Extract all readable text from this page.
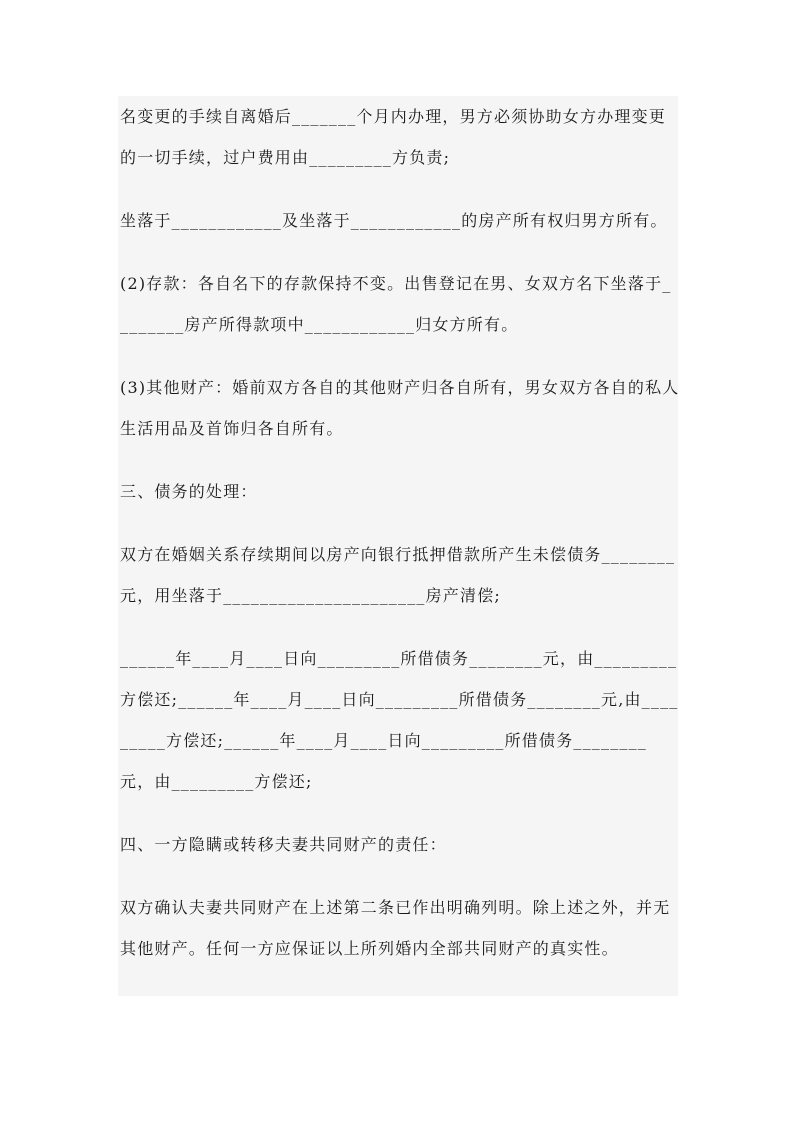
名变更的手续自离婚后_______个月内办理，男方必须协助女方办理变更的一切手续，过户费用由_________方负责;

坐落于____________及坐落于____________的房产所有权归男方所有。

(2)存款：各自名下的存款保持不变。出售登记在男、女双方名下坐落于________房产所得款项中____________归女方所有。

(3)其他财产：婚前双方各自的其他财产归各自所有，男女双方各自的私人生活用品及首饰归各自所有。

三、债务的处理：

双方在婚姻关系存续期间以房产向银行抵押借款所产生未偿债务________元，用坐落于______________________房产清偿;

______年____月____日向_________所借债务________元，由_________方偿还;______年____月____日向_________所借债务________元,由_________方偿还;______年____月____日向_________所借债务________元，由_________方偿还;

四、一方隐瞒或转移夫妻共同财产的责任：

双方确认夫妻共同财产在上述第二条已作出明确列明。除上述之外，并无其他财产。任何一方应保证以上所列婚内全部共同财产的真实性。
